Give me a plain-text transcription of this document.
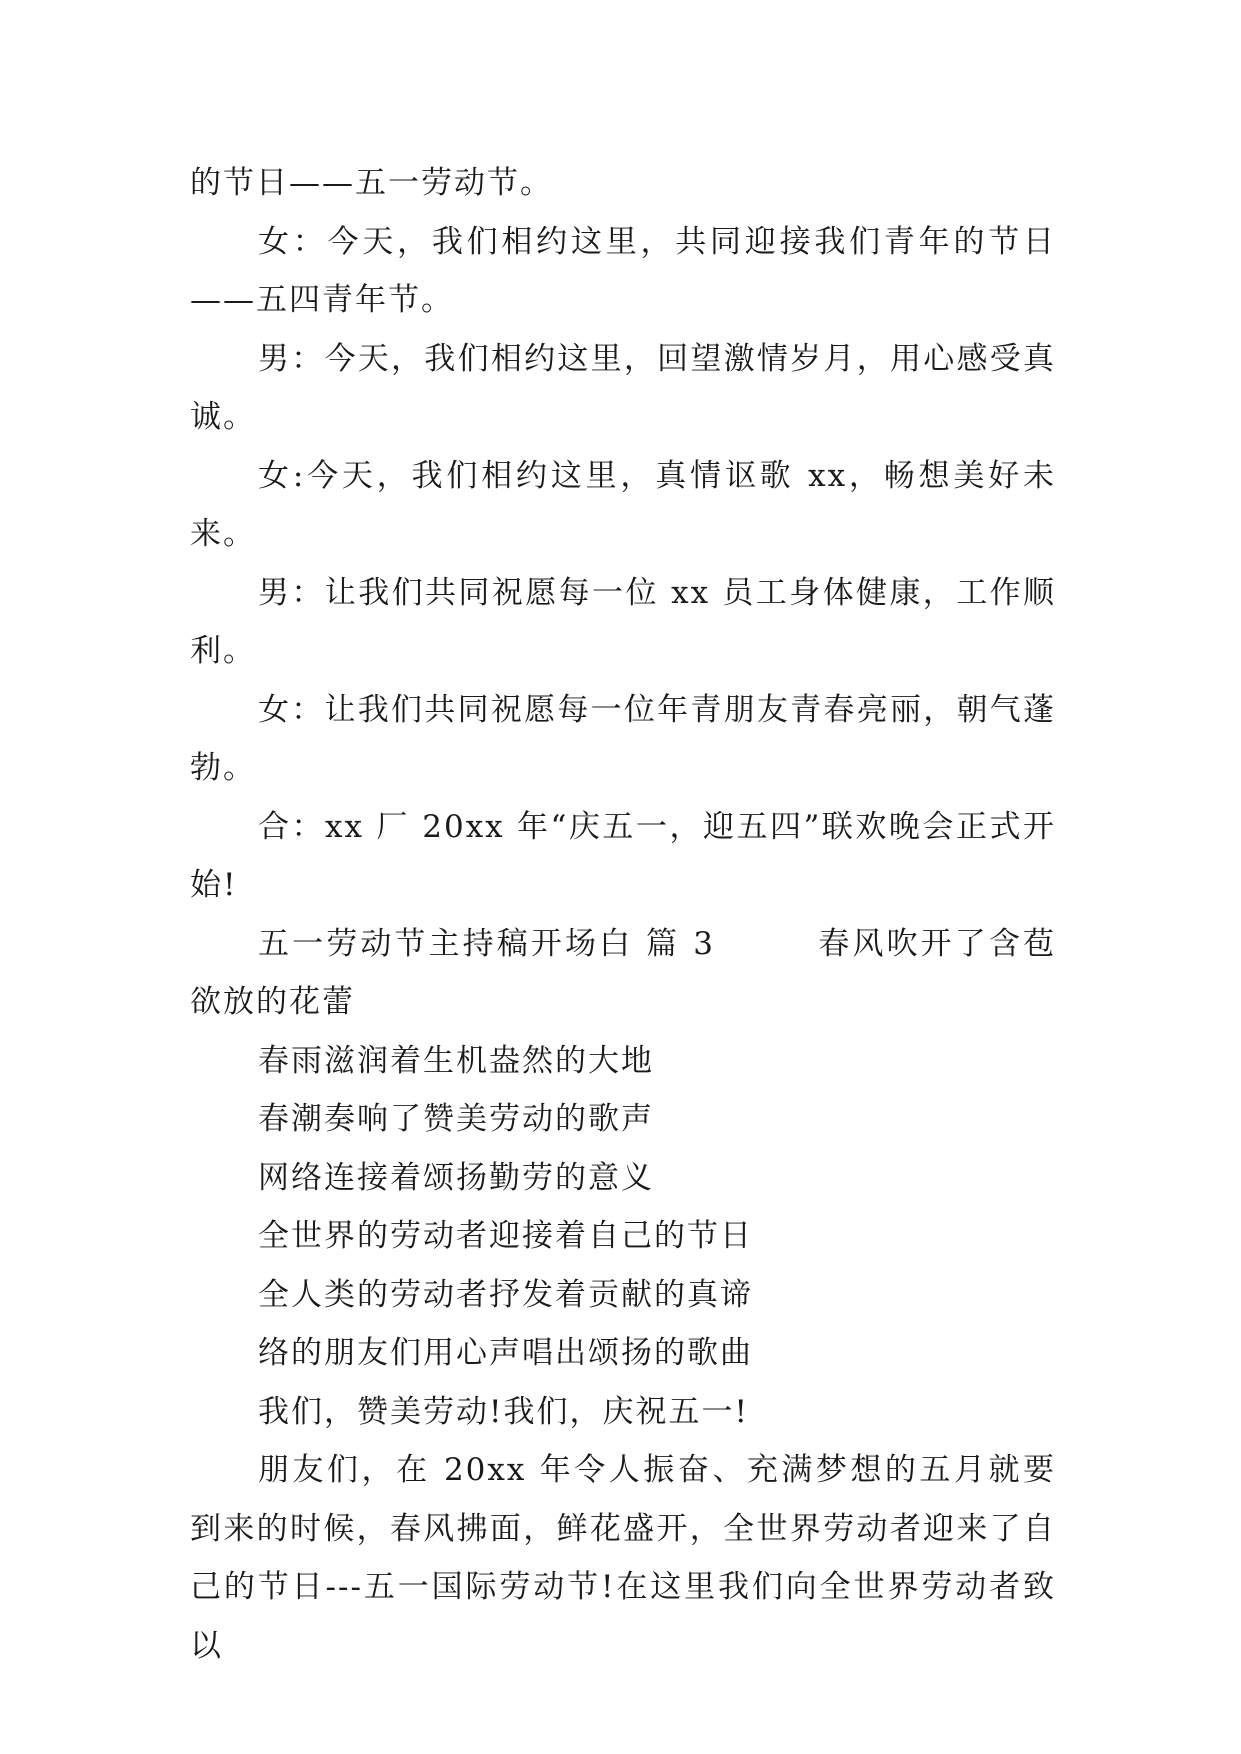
的节日——五一劳动节。

女：今天，我们相约这里，共同迎接我们青年的节日——五四青年节。

男：今天，我们相约这里，回望激情岁月，用心感受真诚。

女:今天，我们相约这里，真情讴歌 xx，畅想美好未来。

男：让我们共同祝愿每一位 xx 员工身体健康，工作顺利。

女：让我们共同祝愿每一位年青朋友青春亮丽，朝气蓬勃。

合：xx 厂 20xx 年“庆五一，迎五四”联欢晚会正式开始!

五一劳动节主持稿开场白 篇 3　　　春风吹开了含苞欲放的花蕾

春雨滋润着生机盎然的大地

春潮奏响了赞美劳动的歌声

网络连接着颂扬勤劳的意义

全世界的劳动者迎接着自己的节日

全人类的劳动者抒发着贡献的真谛

络的朋友们用心声唱出颂扬的歌曲

我们，赞美劳动!我们，庆祝五一!

朋友们，在 20xx 年令人振奋、充满梦想的五月就要到来的时候，春风拂面，鲜花盛开，全世界劳动者迎来了自己的节日---五一国际劳动节!在这里我们向全世界劳动者致以
